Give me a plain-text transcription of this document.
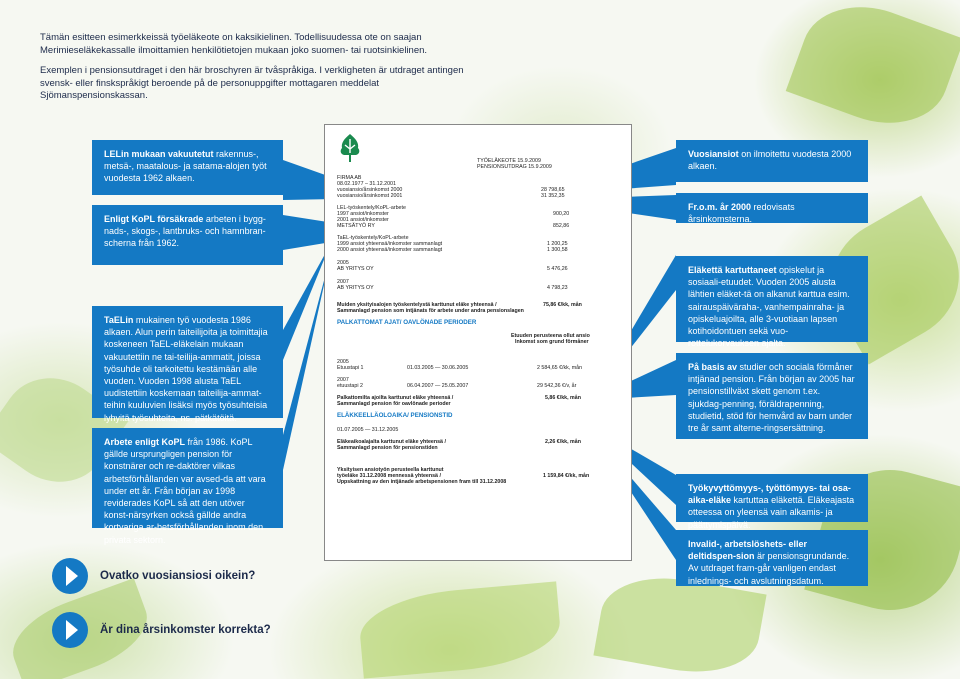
Tämän esitteen esimerkkeissä työeläkeote on kaksikielinen. Todellisuudessa ote on saajan Merimieseläkekassalle ilmoittamien henkilötietojen mukaan joko suomen- tai ruotsinkielinen.

Exemplen i pensionsutdraget i den här broschyren är tvåspråkiga. I verkligheten är utdraget antingen svensk- eller finskspråkigt beroende på de personuppgifter mottagaren meddelat Sjömanspensionskassan.

LELin mukaan vakuutetut rakennus-, metsä-, maatalous- ja satama-alojen työt vuodesta 1962 alkaen.
Enligt KoPL försäkrade arbeten i bygg-nads-, skogs-, lantbruks- och hamnbran-scherna från 1962.
TaELin mukainen työ vuodesta 1986 alkaen. Alun perin taiteilijoita ja toimittajia koskeneen TaEL-eläkelain mukaan vakuutettiin ne tai-teilija-ammatit, joissa työsuhde oli tarkoitettu kestämään alle vuoden. Vuoden 1998 alusta TaEL uudistettiin koskemaan taiteilija-ammat-teihin kuuluvien lisäksi myös työsuhteisia lyhyitä työsuhteita, ns. pätkätöitä.
Arbete enligt KoPL från 1986. KoPL gällde ursprungligen pension för konstnärer och re-daktörer vilkas arbetsförhållanden var avsed-da att vara under ett år. Från början av 1998 reviderades KoPL så att den utöver konst-närsyrken också gällde andra kortvariga ar-betsförhållanden inom den privata sektorn.
Vuosiansiot on ilmoitettu vuodesta 2000 alkaen.
Fr.o.m. år 2000 redovisats årsinkomsterna.
Eläkettä kartuttaneet opiskelut ja sosiaali-etuudet. Vuoden 2005 alusta lähtien eläket-tä on alkanut karttua esim. sairauspäiväraha-, vanhempainraha- ja opiskeluajoilta, alle 3-vuotiaan lapsen kotihoidontuen sekä vuo-rottelukorvauksen ajalta.
På basis av studier och sociala förmåner intjänad pension. Från början av 2005 har pensionstillväxt skett genom t.ex. sjukdag-penning, föräldrapenning, studietid, stöd för hemvård av barn under tre år samt alterne-ringsersättning.
Työkyvyttömyys-, työttömyys- tai osa-aika-eläke kartuttaa eläkettä. Eläkeajasta otteessa on yleensä vain alkamis- ja päättymispäivä.
Invalid-, arbetslöshets- eller deltidspen-sion är pensionsgrundande. Av utdraget fram-går vanligen endast inlednings- och avslutningsdatum.
TYÖELÄKEOTE 15.9.2009
PENSIONSUTDRAG 15.9.2009
FIRMA AB
08.02.1977 – 31.12.2001
vuosiansio/årsinkomst 2000	28 798,65
vuosiansio/årsinkomst 2001	31 352,35
LEL-työskentely/KoPL-arbete
1997 ansiot/inkomster	900,20
2001 ansiot/inkomster
METSÄTYÖ RY	852,86
TaEL-työskentely/KoPL-arbete
1999 ansiot yhteensä/inkomster sammanlagt	1 200,25
2000 ansiot yhteensä/inkomster sammanlagt	1 300,58
2005
AB YRITYS OY	5 476,26
2007
AB YRITYS OY	4 798,23
Muiden yksityisalojen työskentelystä karttunut eläke yhteensä /
Sammanlagd pension som intjänats för arbete under andra pensionslagen
75,86 €/kk, mån
PALKATTOMAT AJAT/ OAVLÖNADE PERIODER
Etuuden perusteena ollut ansio
Inkomst som grund förmåner
2005
Etuustapi 1	01.03.2005 — 30.06.2005	2 584,65 €/kk, mån
2007
etuustapi 2	06.04.2007 — 25.05.2007	29 542,36 €/v, år
Palkattomilta ajoilta karttunut eläke yhteensä /
Sammanlagd pension för oavlönade perioder
5,86 €/kk, mån
ELÄKKEELLÄOLOAIKA/ PENSIONSTID
01.07.2005 — 31.12.2005
Eläkeaikoalajalta karttunut eläke yhteensä /
Sammanlagd pension för pensionstiden
2,26 €/kk, mån
Yksityisen ansiotyön perusteella karttunut
työeläke 31.12.2008 mennessä yhteensä /
Uppskattning av den intjänade arbetspensionen fram till 31.12.2008
1 159,84 €/kk, mån
Ovatko vuosiansiosi oikein?
Är dina årsinkomster korrekta?
